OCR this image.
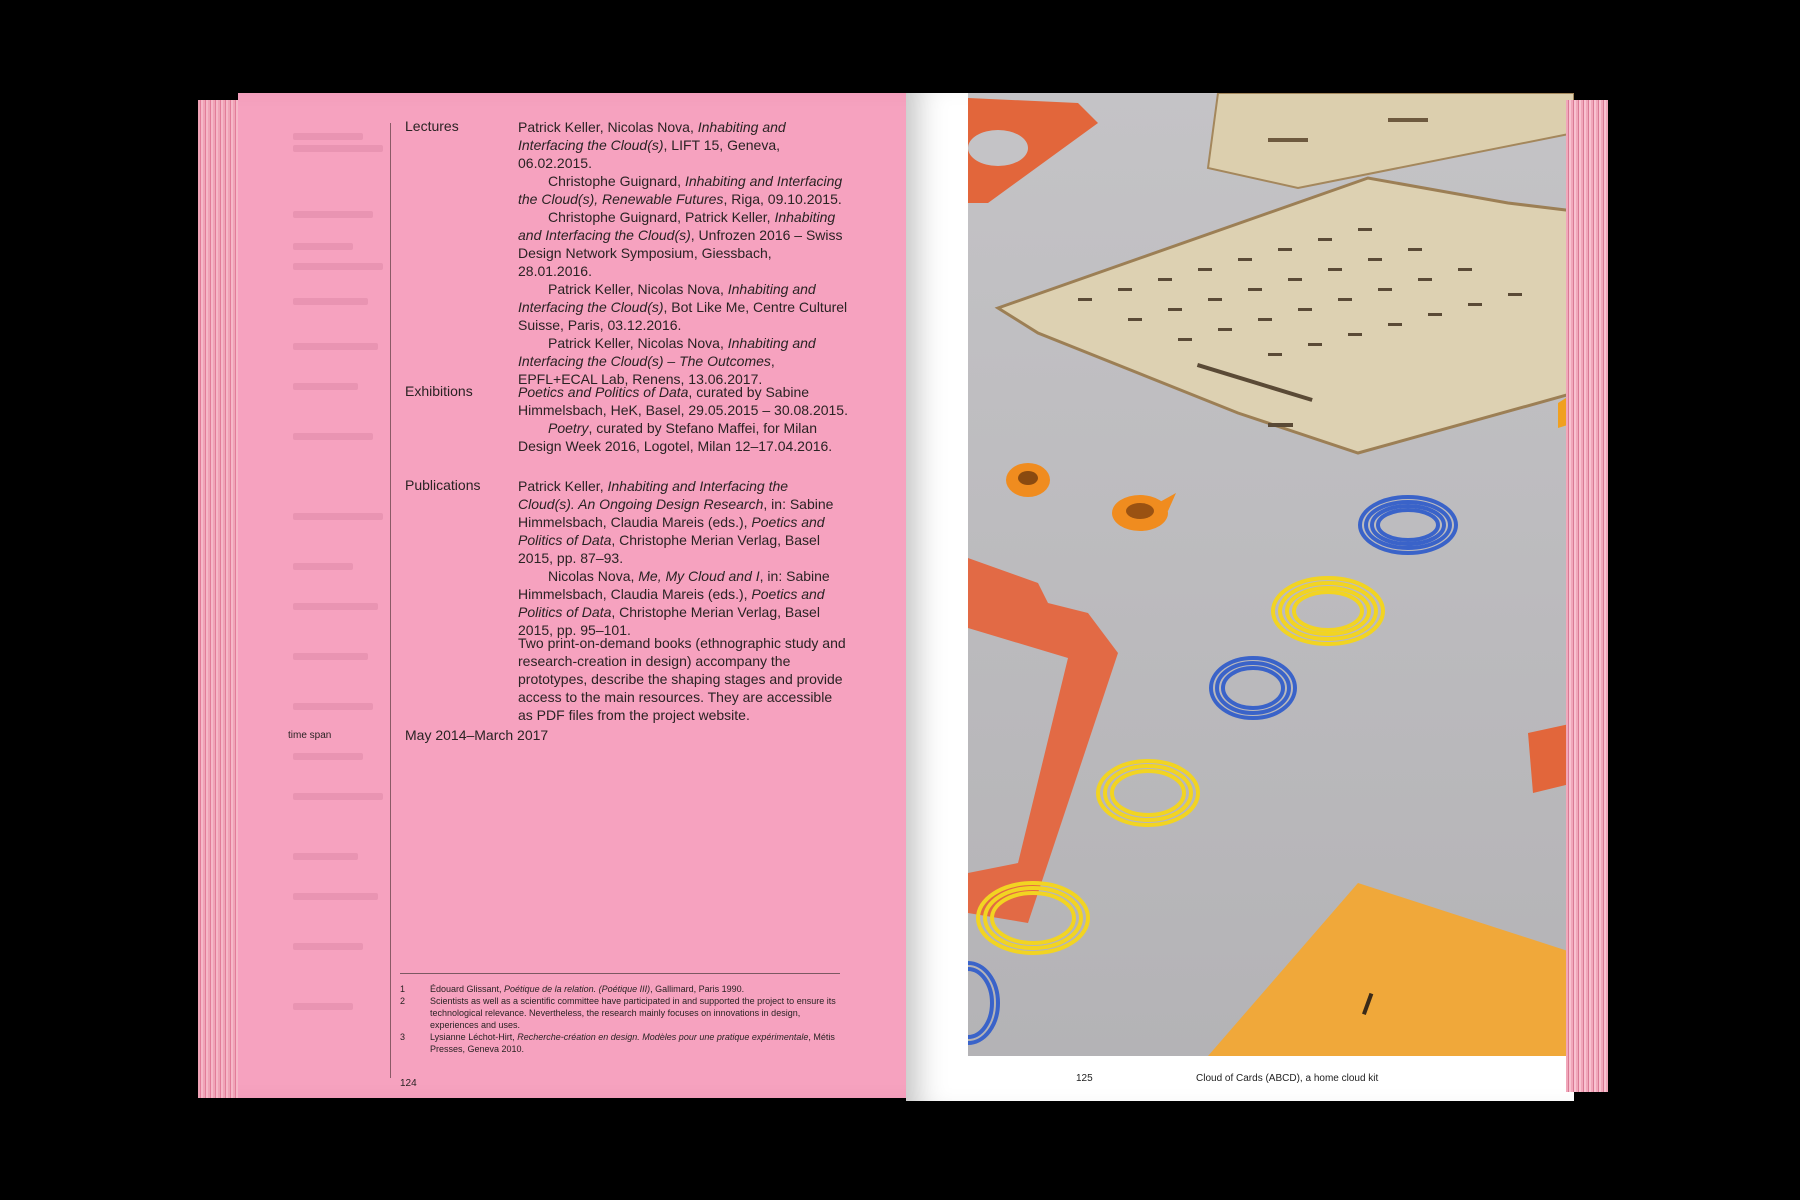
Lectures	Patrick Keller, Nicolas Nova, Inhabiting and Interfacing the Cloud(s), LIFT 15, Geneva, 06.02.2015.

Christophe Guignard, Inhabiting and Interfacing the Cloud(s), Renewable Futures, Riga, 09.10.2015.

Christophe Guignard, Patrick Keller, Inhabiting and Interfacing the Cloud(s), Unfrozen 2016 – Swiss Design Network Symposium, Giessbach, 28.01.2016.

Patrick Keller, Nicolas Nova, Inhabiting and Interfacing the Cloud(s), Bot Like Me, Centre Culturel Suisse, Paris, 03.12.2016.

Patrick Keller, Nicolas Nova, Inhabiting and Interfacing the Cloud(s) – The Outcomes, EPFL+ECAL Lab, Renens, 13.06.2017.

Exhibitions	Poetics and Politics of Data, curated by Sabine Himmelsbach, HeK, Basel, 29.05.2015 – 30.08.2015.

Poetry, curated by Stefano Maffei, for Milan Design Week 2016, Logotel, Milan 12–17.04.2016.

Publications	Patrick Keller, Inhabiting and Interfacing the Cloud(s). An Ongoing Design Research, in: Sabine Himmelsbach, Claudia Mareis (eds.), Poetics and Politics of Data, Christophe Merian Verlag, Basel 2015, pp. 87–93.

Nicolas Nova, Me, My Cloud and I, in: Sabine Himmelsbach, Claudia Mareis (eds.), Poetics and Politics of Data, Christophe Merian Verlag, Basel 2015, pp. 95–101.

Two print-on-demand books (ethnographic study and research-creation in design) accompany the prototypes, describe the shaping stages and provide access to the main resources. They are accessible as PDF files from the project website.

time span	May 2014–March 2017
1	Édouard Glissant, Poétique de la relation. (Poétique III), Gallimard, Paris 1990.
2	Scientists as well as a scientific committee have participated in and supported the project to ensure its technological relevance. Nevertheless, the research mainly focuses on innovations in design, experiences and uses.
3	Lysianne Léchot-Hirt, Recherche-création en design. Modèles pour une pratique expérimentale, Métis Presses, Geneva 2010.
124	125	Cloud of Cards (ABCD), a home cloud kit
